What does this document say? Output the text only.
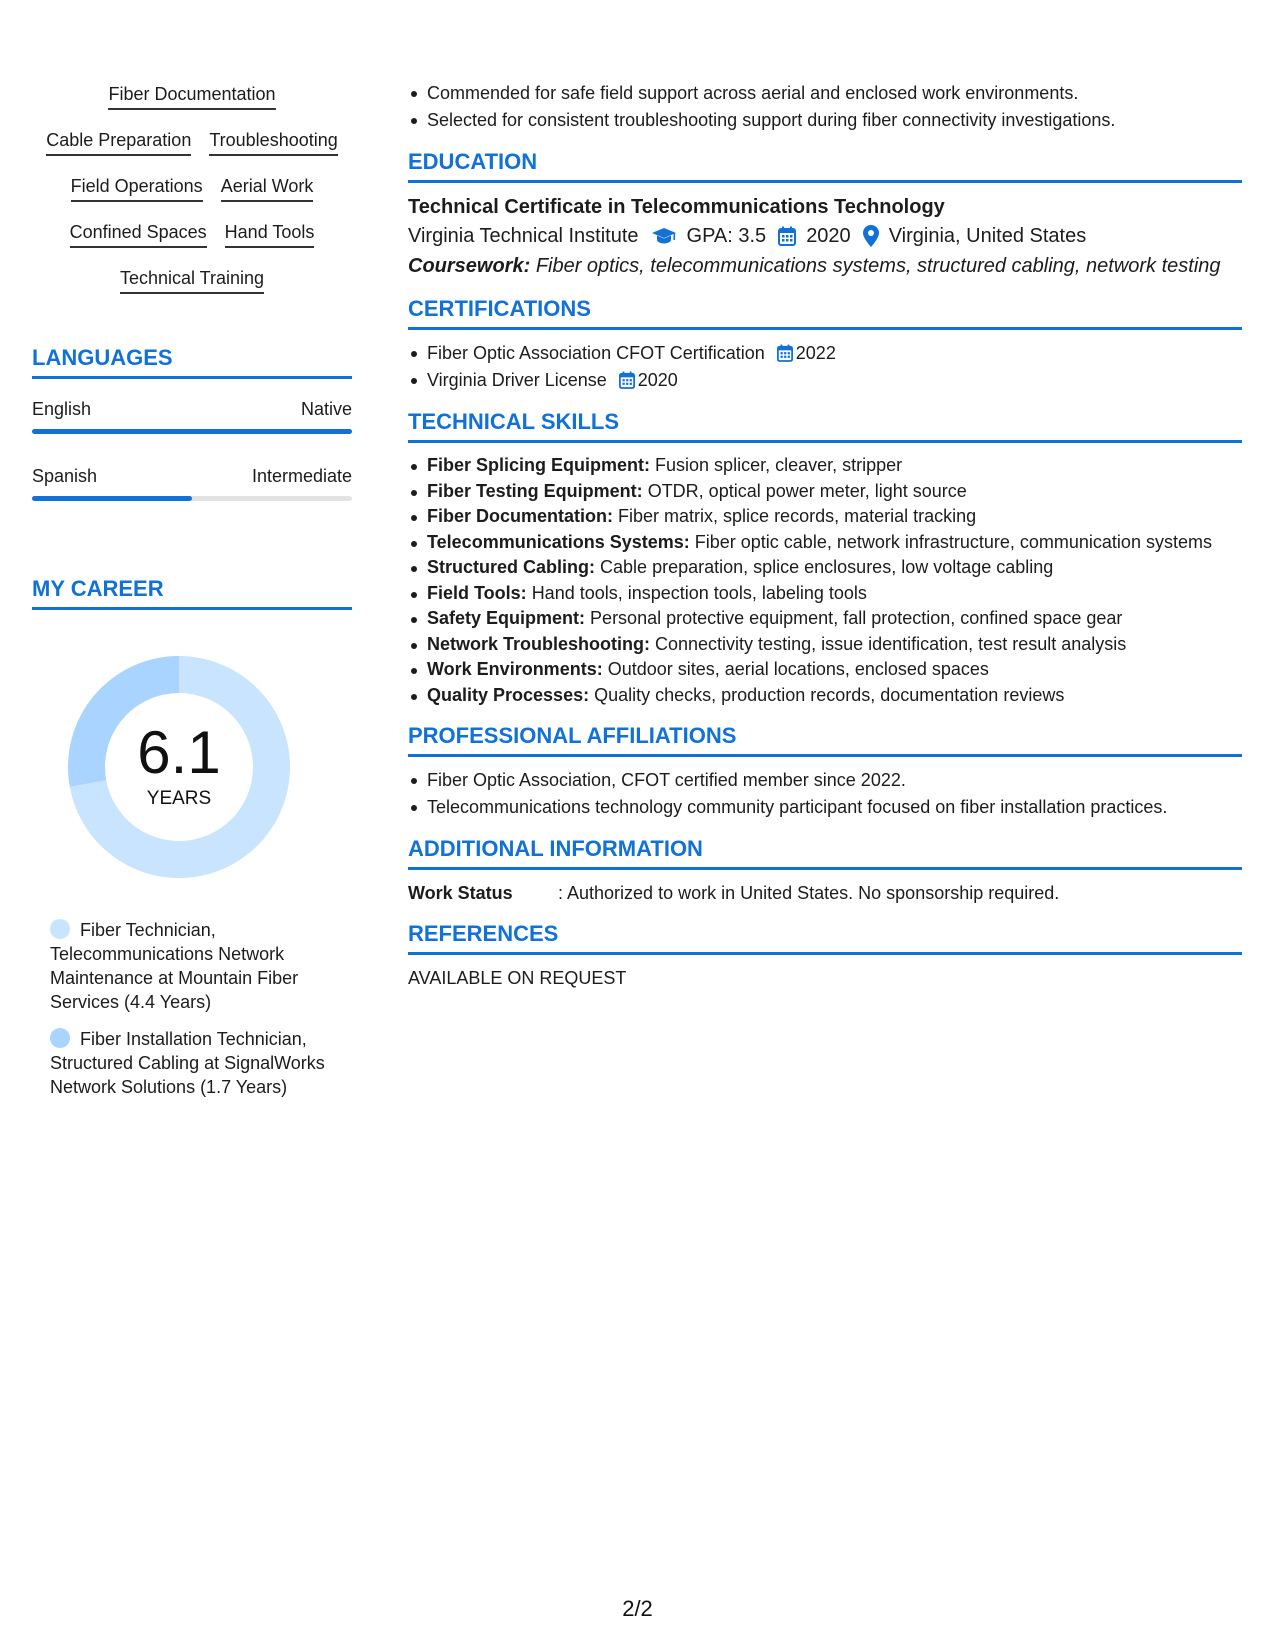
Fiber Documentation
Cable Preparation Troubleshooting
Field Operations Aerial Work
Confined Spaces Hand Tools
Technical Training
LANGUAGES
English	Native
Spanish	Intermediate
MY CAREER
6.1
YEARS
Fiber Technician, Telecommunications Network Maintenance at Mountain Fiber Services (4.4 Years)
Fiber Installation Technician, Structured Cabling at SignalWorks Network Solutions (1.7 Years)
Commended for safe field support across aerial and enclosed work environments.
Selected for consistent troubleshooting support during fiber connectivity investigations.
EDUCATION
Technical Certificate in Telecommunications Technology
Virginia Technical Institute GPA: 3.5 2020 Virginia, United States
Coursework: Fiber optics, telecommunications systems, structured cabling, network testing
CERTIFICATIONS
Fiber Optic Association CFOT Certification 2022
Virginia Driver License 2020
TECHNICAL SKILLS
Fiber Splicing Equipment: Fusion splicer, cleaver, stripper
Fiber Testing Equipment: OTDR, optical power meter, light source
Fiber Documentation: Fiber matrix, splice records, material tracking
Telecommunications Systems: Fiber optic cable, network infrastructure, communication systems
Structured Cabling: Cable preparation, splice enclosures, low voltage cabling
Field Tools: Hand tools, inspection tools, labeling tools
Safety Equipment: Personal protective equipment, fall protection, confined space gear
Network Troubleshooting: Connectivity testing, issue identification, test result analysis
Work Environments: Outdoor sites, aerial locations, enclosed spaces
Quality Processes: Quality checks, production records, documentation reviews
PROFESSIONAL AFFILIATIONS
Fiber Optic Association, CFOT certified member since 2022.
Telecommunications technology community participant focused on fiber installation practices.
ADDITIONAL INFORMATION
Work Status	: Authorized to work in United States. No sponsorship required.
REFERENCES
AVAILABLE ON REQUEST
2/2
